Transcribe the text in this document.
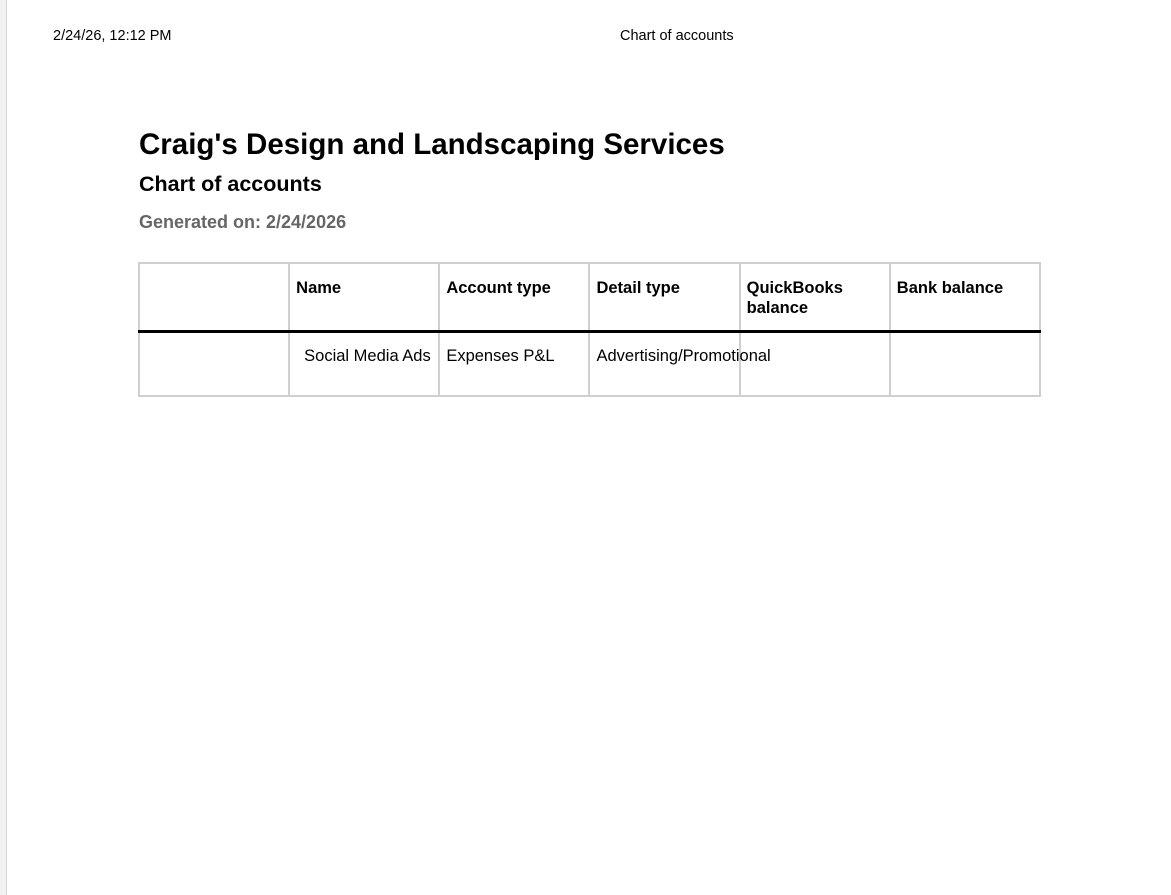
2/24/26, 12:12 PM	Chart of accounts
Craig's Design and Landscaping Services
Chart of accounts
Generated on: 2/24/2026
	Name	Account type	Detail type	QuickBooks balance	Bank balance
	Social Media Ads	Expenses P&L	Advertising/Promotional		
